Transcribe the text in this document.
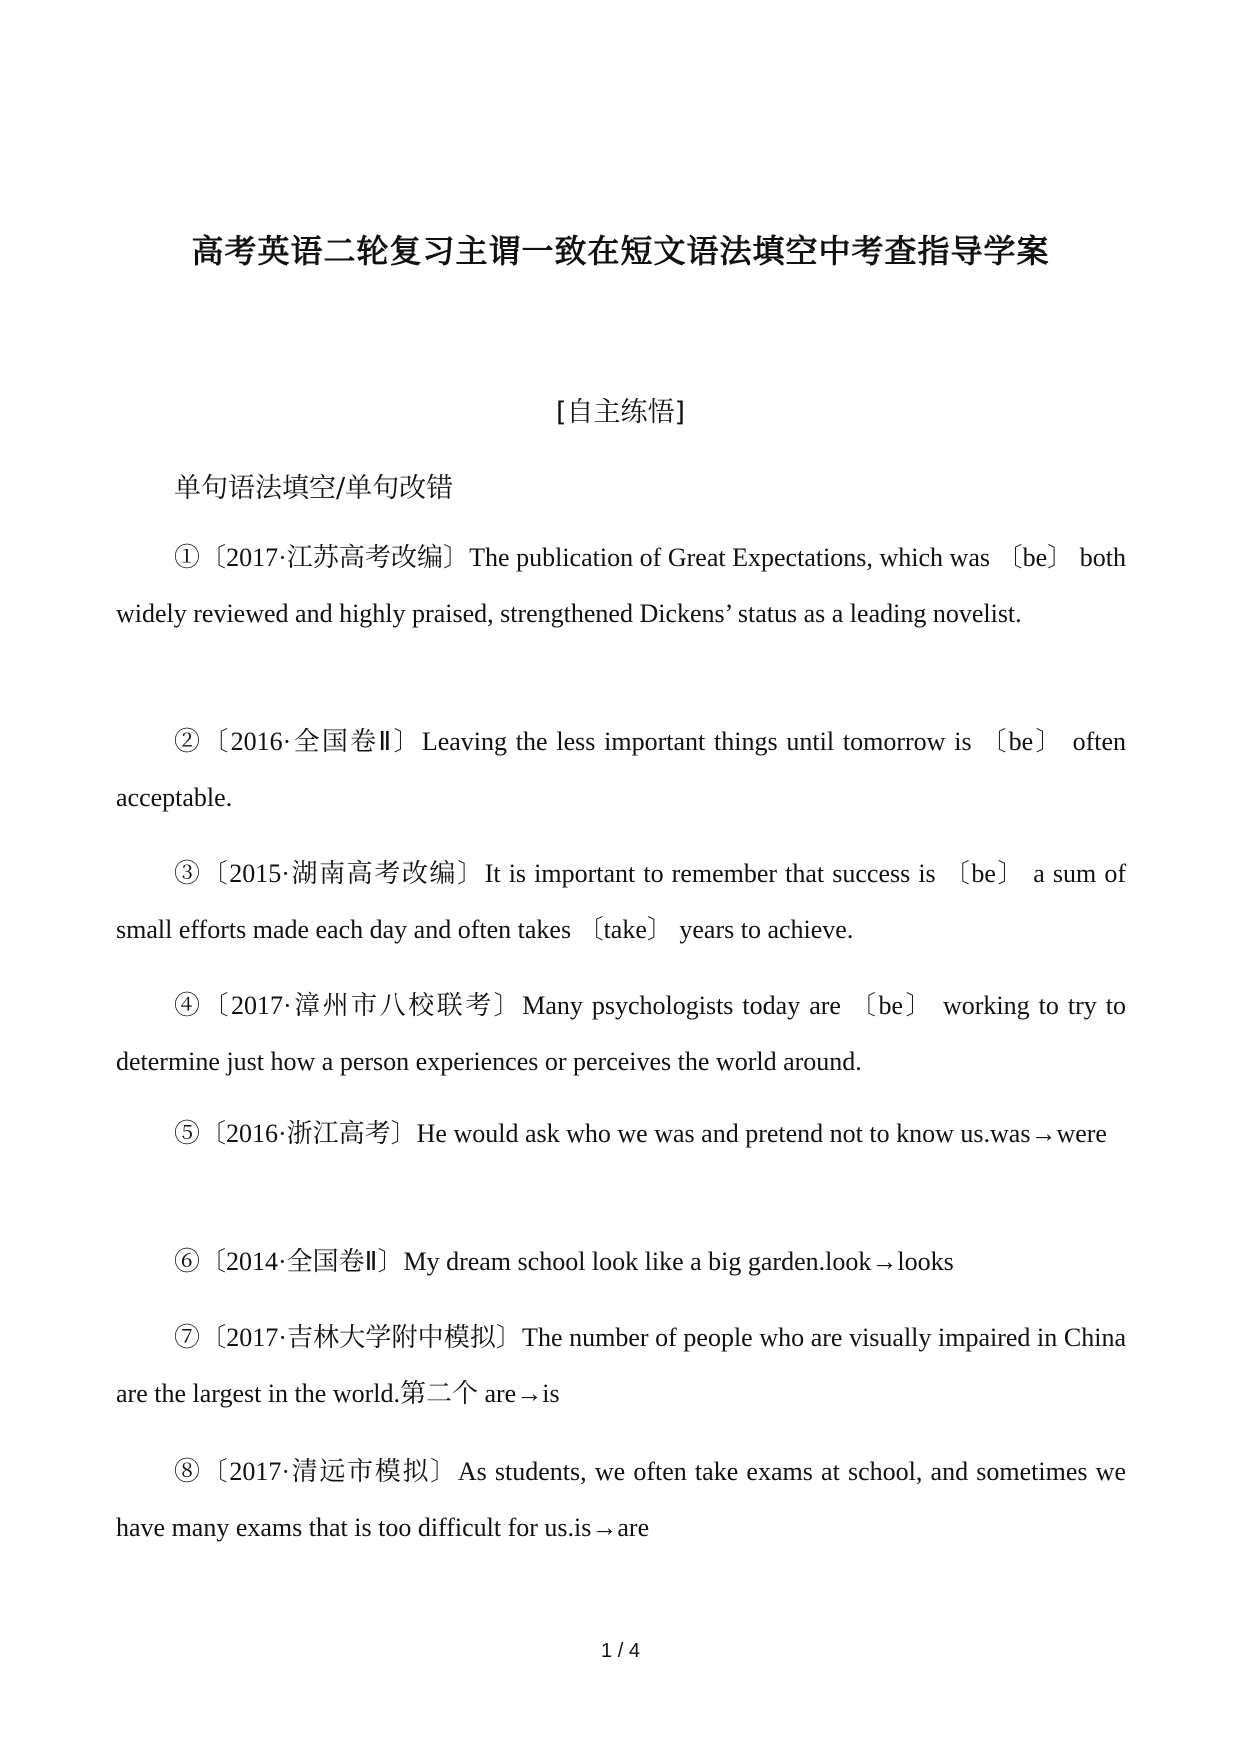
高考英语二轮复习主谓一致在短文语法填空中考查指导学案
[自主练悟]
单句语法填空/单句改错
①〔2017·江苏高考改编〕The publication of Great Expectations, which was 〔be〕 both widely reviewed and highly praised, strengthened Dickens’ status as a leading novelist.
②〔2016·全国卷Ⅱ〕Leaving the less important things until tomorrow is 〔be〕 often acceptable.
③〔2015·湖南高考改编〕It is important to remember that success is 〔be〕 a sum of small efforts made each day and often takes 〔take〕 years to achieve.
④〔2017·漳州市八校联考〕Many psychologists today are 〔be〕 working to try to determine just how a person experiences or perceives the world around.
⑤〔2016·浙江高考〕He would ask who we was and pretend not to know us.was→were
⑥〔2014·全国卷Ⅱ〕My dream school look like a big garden.look→looks
⑦〔2017·吉林大学附中模拟〕The number of people who are visually impaired in China are the largest in the world.第二个 are→is
⑧〔2017·清远市模拟〕As students, we often take exams at school, and sometimes we have many exams that is too difficult for us.is→are
1 / 4
